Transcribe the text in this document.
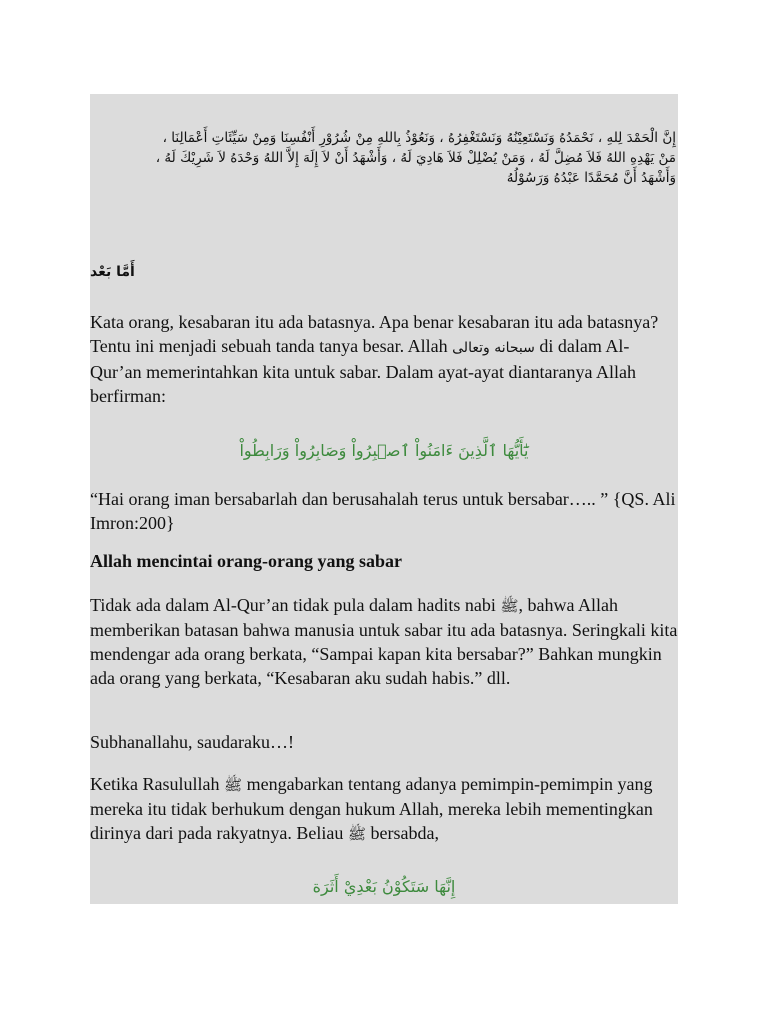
إِنَّ الْحَمْدَ لِلهِ ، نَحْمَدُهُ وَنَسْتَعِيْنُهُ وَنَسْتَغْفِرُهُ ، وَنَعُوْذُ بِاللهِ مِنْ شُرُوْرِ أَنْفُسِنَا وَمِنْ سَيِّئَاتِ أَعْمَالِنَا ،
مَنْ يَهْدِهِ اللهُ فَلاَ مُضِلَّ لَهُ ، وَمَنْ يُضْلِلْ فَلاَ هَادِيَ لَهُ ، وَأَشْهَدُ أَنْ لاَ إِلَهَ إِلاَّ اللهُ وَحْدَهُ لاَ شَرِيْكَ لَهُ ،
وَأَشْهَدُ أَنَّ مُحَمَّدًا عَبْدُهُ وَرَسُوْلُهُ
أَمَّا بَعْد

Kata orang, kesabaran itu ada batasnya. Apa benar kesabaran itu ada batasnya? Tentu ini menjadi sebuah tanda tanya besar. Allah سبحانه وتعالى di dalam Al-Qur’an memerintahkan kita untuk sabar. Dalam ayat-ayat diantaranya Allah berfirman:

يَٰٓأَيُّهَا ٱلَّذِينَ ءَامَنُواْ ٱصۡبِرُواْ وَصَابِرُواْ وَرَابِطُواْ

“Hai orang iman bersabarlah dan berusahalah terus untuk bersabar….. ” {QS. Ali Imron:200}

Allah mencintai orang-orang yang sabar

Tidak ada dalam Al-Qur’an tidak pula dalam hadits nabi ﷺ, bahwa Allah memberikan batasan bahwa manusia untuk sabar itu ada batasnya. Seringkali kita mendengar ada orang berkata, “Sampai kapan kita bersabar?” Bahkan mungkin ada orang yang berkata, “Kesabaran aku sudah habis.” dll.

Subhanallahu, saudaraku…!

Ketika Rasulullah ﷺ mengabarkan tentang adanya pemimpin-pemimpin yang mereka itu tidak berhukum dengan hukum Allah, mereka lebih mementingkan dirinya dari pada rakyatnya. Beliau ﷺ bersabda,

إِنَّهَا سَتَكُوْنُ بَعْدِيْ أَثَرَة
